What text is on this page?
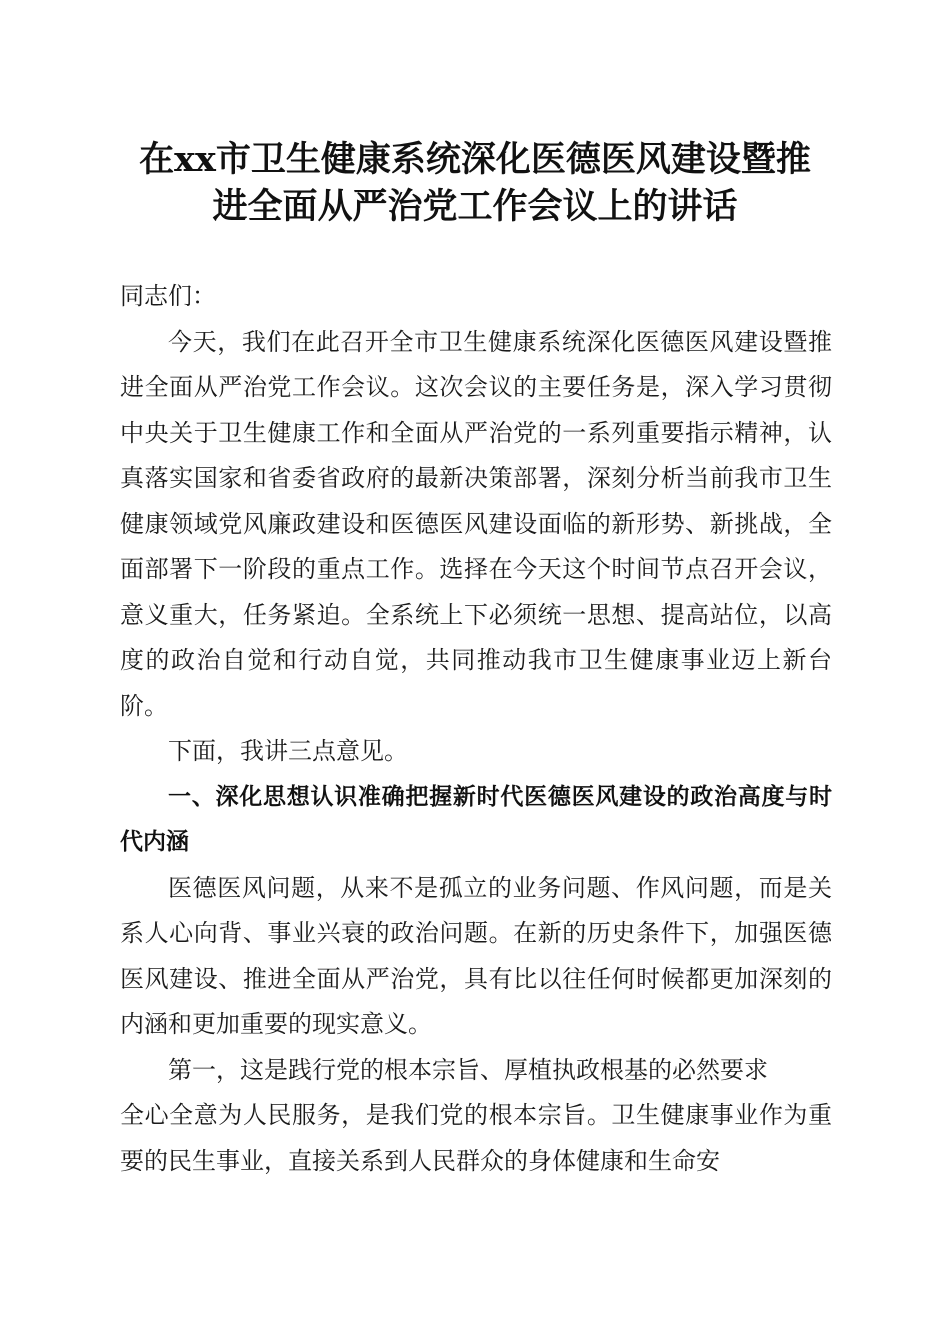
在xx市卫生健康系统深化医德医风建设暨推
进全面从严治党工作会议上的讲话

同志们：

今天，我们在此召开全市卫生健康系统深化医德医风建设暨推进全面从严治党工作会议。这次会议的主要任务是，深入学习贯彻中央关于卫生健康工作和全面从严治党的一系列重要指示精神，认真落实国家和省委省政府的最新决策部署，深刻分析当前我市卫生健康领域党风廉政建设和医德医风建设面临的新形势、新挑战，全面部署下一阶段的重点工作。选择在今天这个时间节点召开会议，意义重大，任务紧迫。全系统上下必须统一思想、提高站位，以高度的政治自觉和行动自觉，共同推动我市卫生健康事业迈上新台阶。

下面，我讲三点意见。

一、深化思想认识准确把握新时代医德医风建设的政治高度与时代内涵

医德医风问题，从来不是孤立的业务问题、作风问题，而是关系人心向背、事业兴衰的政治问题。在新的历史条件下，加强医德医风建设、推进全面从严治党，具有比以往任何时候都更加深刻的内涵和更加重要的现实意义。

第一，这是践行党的根本宗旨、厚植执政根基的必然要求

全心全意为人民服务，是我们党的根本宗旨。卫生健康事业作为重要的民生事业，直接关系到人民群众的身体健康和生命安
